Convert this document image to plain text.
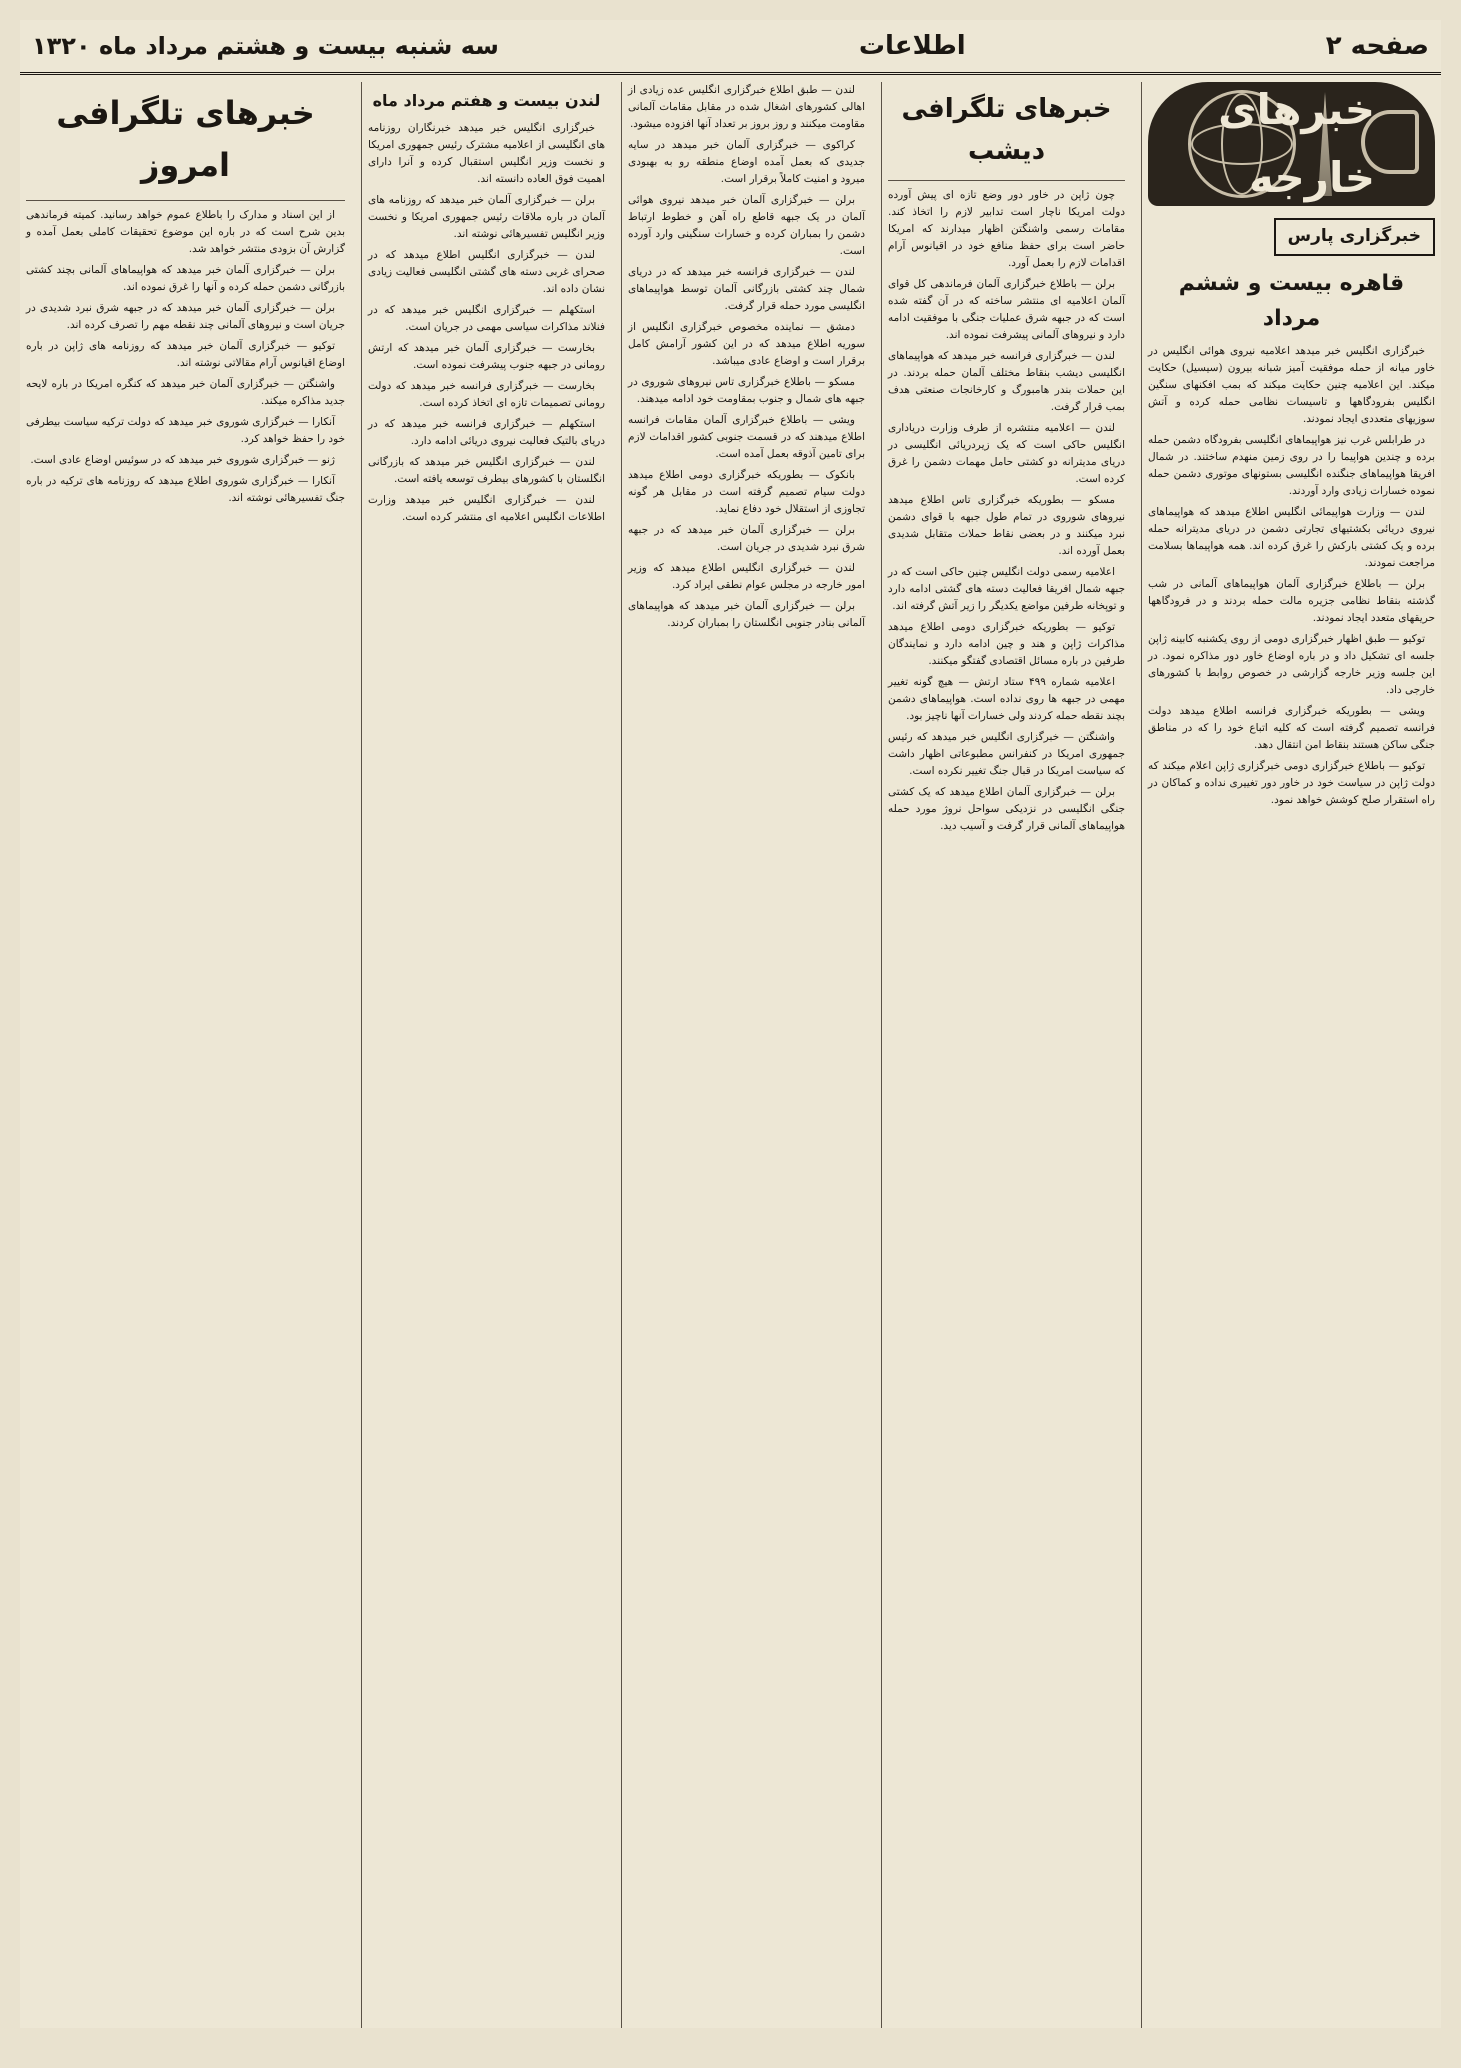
صفحه ۲
اطلاعات
سه شنبه بیست و هشتم مرداد ماه ۱۳۲۰
خبرهای خارجه
خبرگزاری پارس
قاهره بیست و ششم مرداد

خبرگزاری انگلیس خبر میدهد اعلامیه نیروی هوائی انگلیس در خاور میانه از حمله موفقیت آمیز شبانه بیرون (سیسیل) حکایت میکند. این اعلامیه چنین حکایت میکند که بمب افکنهای سنگین انگلیس بفرودگاهها و تاسیسات نظامی حمله کرده و آتش سوزیهای متعددی ایجاد نمودند.

در طرابلس غرب نیز هواپیماهای انگلیسی بفرودگاه دشمن حمله برده و چندین هواپیما را در روی زمین منهدم ساختند. در شمال افریقا هواپیماهای جنگنده انگلیسی بستونهای موتوری دشمن حمله نموده خسارات زیادی وارد آوردند.

لندن — وزارت هواپیمائی انگلیس اطلاع میدهد که هواپیماهای نیروی دریائی بکشتیهای تجارتی دشمن در دریای مدیترانه حمله برده و یک کشتی بارکش را غرق کرده اند. همه هواپیماها بسلامت مراجعت نمودند.

برلن — باطلاع خبرگزاری آلمان هواپیماهای آلمانی در شب گذشته بنقاط نظامی جزیره مالت حمله بردند و در فرودگاهها حریقهای متعدد ایجاد نمودند.

توکیو — طبق اظهار خبرگزاری دومی از روی یکشنبه کابینه ژاپن جلسه ای تشکیل داد و در باره اوضاع خاور دور مذاکره نمود. در این جلسه وزیر خارجه گزارشی در خصوص روابط با کشورهای خارجی داد.

ویشی — بطوریکه خبرگزاری فرانسه اطلاع میدهد دولت فرانسه تصمیم گرفته است که کلیه اتباع خود را که در مناطق جنگی ساکن هستند بنقاط امن انتقال دهد.

توکیو — باطلاع خبرگزاری دومی خبرگزاری ژاپن اعلام میکند که دولت ژاپن در سیاست خود در خاور دور تغییری نداده و کماکان در راه استقرار صلح کوشش خواهد نمود.

خبرهای تلگرافی دیشب

چون ژاپن در خاور دور وضع تازه ای پیش آورده دولت امریکا ناچار است تدابیر لازم را اتخاذ کند. مقامات رسمی واشنگتن اظهار میدارند که امریکا حاضر است برای حفظ منافع خود در اقیانوس آرام اقدامات لازم را بعمل آورد.

برلن — باطلاع خبرگزاری آلمان فرماندهی کل قوای آلمان اعلامیه ای منتشر ساخته که در آن گفته شده است که در جبهه شرق عملیات جنگی با موفقیت ادامه دارد و نیروهای آلمانی پیشرفت نموده اند.

لندن — خبرگزاری فرانسه خبر میدهد که هواپیماهای انگلیسی دیشب بنقاط مختلف آلمان حمله بردند. در این حملات بندر هامبورگ و کارخانجات صنعتی هدف بمب قرار گرفت.

لندن — اعلامیه منتشره از طرف وزارت دریاداری انگلیس حاکی است که یک زیردریائی انگلیسی در دریای مدیترانه دو کشتی حامل مهمات دشمن را غرق کرده است.

مسکو — بطوریکه خبرگزاری تاس اطلاع میدهد نیروهای شوروی در تمام طول جبهه با قوای دشمن نبرد میکنند و در بعضی نقاط حملات متقابل شدیدی بعمل آورده اند.

اعلامیه رسمی دولت انگلیس چنین حاکی است که در جبهه شمال افریقا فعالیت دسته های گشتی ادامه دارد و توپخانه طرفین مواضع یکدیگر را زیر آتش گرفته اند.

توکیو — بطوریکه خبرگزاری دومی اطلاع میدهد مذاکرات ژاپن و هند و چین ادامه دارد و نمایندگان طرفین در باره مسائل اقتصادی گفتگو میکنند.

اعلامیه شماره ۴۹۹ ستاد ارتش — هیچ گونه تغییر مهمی در جبهه ها روی نداده است. هواپیماهای دشمن بچند نقطه حمله کردند ولی خسارات آنها ناچیز بود.

واشنگتن — خبرگزاری انگلیس خبر میدهد که رئیس جمهوری امریکا در کنفرانس مطبوعاتی اظهار داشت که سیاست امریکا در قبال جنگ تغییر نکرده است.

برلن — خبرگزاری آلمان اطلاع میدهد که یک کشتی جنگی انگلیسی در نزدیکی سواحل نروژ مورد حمله هواپیماهای آلمانی قرار گرفت و آسیب دید.

لندن — طبق اطلاع خبرگزاری انگلیس عده زیادی از اهالی کشورهای اشغال شده در مقابل مقامات آلمانی مقاومت میکنند و روز بروز بر تعداد آنها افزوده میشود.

کراکوی — خبرگزاری آلمان خبر میدهد در سایه جدیدی که بعمل آمده اوضاع منطقه رو به بهبودی میرود و امنیت کاملاً برقرار است.

برلن — خبرگزاری آلمان خبر میدهد نیروی هوائی آلمان در یک جبهه قاطع راه آهن و خطوط ارتباط دشمن را بمباران کرده و خسارات سنگینی وارد آورده است.

لندن — خبرگزاری فرانسه خبر میدهد که در دریای شمال چند کشتی بازرگانی آلمان توسط هواپیماهای انگلیسی مورد حمله قرار گرفت.

دمشق — نماینده مخصوص خبرگزاری انگلیس از سوریه اطلاع میدهد که در این کشور آرامش کامل برقرار است و اوضاع عادی میباشد.

مسکو — باطلاع خبرگزاری تاس نیروهای شوروی در جبهه های شمال و جنوب بمقاومت خود ادامه میدهند.

ویشی — باطلاع خبرگزاری آلمان مقامات فرانسه اطلاع میدهند که در قسمت جنوبی کشور اقدامات لازم برای تامین آذوقه بعمل آمده است.

بانکوک — بطوریکه خبرگزاری دومی اطلاع میدهد دولت سیام تصمیم گرفته است در مقابل هر گونه تجاوزی از استقلال خود دفاع نماید.

برلن — خبرگزاری آلمان خبر میدهد که در جبهه شرق نبرد شدیدی در جریان است.

لندن — خبرگزاری انگلیس اطلاع میدهد که وزیر امور خارجه در مجلس عوام نطقی ایراد کرد.

برلن — خبرگزاری آلمان خبر میدهد که هواپیماهای آلمانی بنادر جنوبی انگلستان را بمباران کردند.

لندن بیست و هفتم مرداد ماه

خبرگزاری انگلیس خبر میدهد خبرنگاران روزنامه های انگلیسی از اعلامیه مشترک رئیس جمهوری امریکا و نخست وزیر انگلیس استقبال کرده و آنرا دارای اهمیت فوق العاده دانسته اند.

برلن — خبرگزاری آلمان خبر میدهد که روزنامه های آلمان در باره ملاقات رئیس جمهوری امریکا و نخست وزیر انگلیس تفسیرهائی نوشته اند.

لندن — خبرگزاری انگلیس اطلاع میدهد که در صحرای غربی دسته های گشتی انگلیسی فعالیت زیادی نشان داده اند.

استکهلم — خبرگزاری انگلیس خبر میدهد که در فنلاند مذاکرات سیاسی مهمی در جریان است.

بخارست — خبرگزاری آلمان خبر میدهد که ارتش رومانی در جبهه جنوب پیشرفت نموده است.

بخارست — خبرگزاری فرانسه خبر میدهد که دولت رومانی تصمیمات تازه ای اتخاذ کرده است.

استکهلم — خبرگزاری فرانسه خبر میدهد که در دریای بالتیک فعالیت نیروی دریائی ادامه دارد.

لندن — خبرگزاری انگلیس خبر میدهد که بازرگانی انگلستان با کشورهای بیطرف توسعه یافته است.

لندن — خبرگزاری انگلیس خبر میدهد وزارت اطلاعات انگلیس اعلامیه ای منتشر کرده است.

خبرهای تلگرافی امروز

از این اسناد و مدارک را باطلاع عموم خواهد رسانید. کمیته فرماندهی بدین شرح است که در باره این موضوع تحقیقات کاملی بعمل آمده و گزارش آن بزودی منتشر خواهد شد.

برلن — خبرگزاری آلمان خبر میدهد که هواپیماهای آلمانی بچند کشتی بازرگانی دشمن حمله کرده و آنها را غرق نموده اند.

برلن — خبرگزاری آلمان خبر میدهد که در جبهه شرق نبرد شدیدی در جریان است و نیروهای آلمانی چند نقطه مهم را تصرف کرده اند.

توکیو — خبرگزاری آلمان خبر میدهد که روزنامه های ژاپن در باره اوضاع اقیانوس آرام مقالاتی نوشته اند.

واشنگتن — خبرگزاری آلمان خبر میدهد که کنگره امریکا در باره لایحه جدید مذاکره میکند.

آنکارا — خبرگزاری شوروی خبر میدهد که دولت ترکیه سیاست بیطرفی خود را حفظ خواهد کرد.

ژنو — خبرگزاری شوروی خبر میدهد که در سوئیس اوضاع عادی است.

آنکارا — خبرگزاری شوروی اطلاع میدهد که روزنامه های ترکیه در باره جنگ تفسیرهائی نوشته اند.
